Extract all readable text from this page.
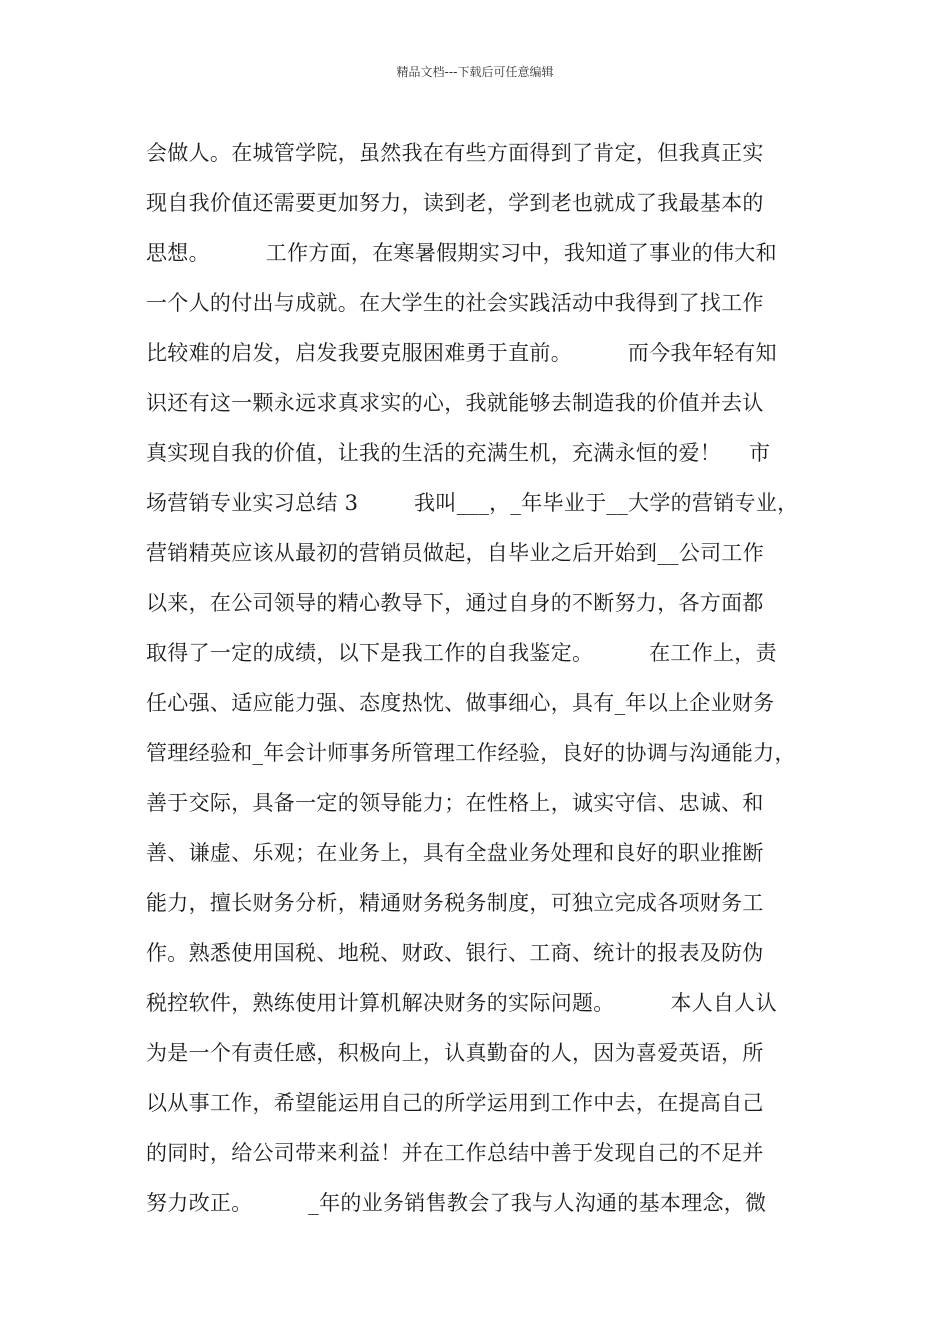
精品文档---下载后可任意编辑
会做人。在城管学院，虽然我在有些方面得到了肯定，但我真正实
现自我价值还需要更加努力，读到老，学到老也就成了我最基本的
思想。        工作方面，在寒暑假期实习中，我知道了事业的伟大和
一个人的付出与成就。在大学生的社会实践活动中我得到了找工作
比较难的启发，启发我要克服困难勇于直前。        而今我年轻有知
识还有这一颗永远求真求实的心，我就能够去制造我的价值并去认
真实现自我的价值，让我的生活的充满生机，充满永恒的爱！    市
场营销专业实习总结 3        我叫___，_年毕业于__大学的营销专业，
营销精英应该从最初的营销员做起，自毕业之后开始到__公司工作
以来，在公司领导的精心教导下，通过自身的不断努力，各方面都
取得了一定的成绩，以下是我工作的自我鉴定。        在工作上，责
任心强、适应能力强、态度热忱、做事细心，具有_年以上企业财务
管理经验和_年会计师事务所管理工作经验，良好的协调与沟通能力，
善于交际，具备一定的领导能力；在性格上，诚实守信、忠诚、和
善、谦虚、乐观；在业务上，具有全盘业务处理和良好的职业推断
能力，擅长财务分析，精通财务税务制度，可独立完成各项财务工
作。熟悉使用国税、地税、财政、银行、工商、统计的报表及防伪
税控软件，熟练使用计算机解决财务的实际问题。        本人自人认
为是一个有责任感，积极向上，认真勤奋的人，因为喜爱英语，所
以从事工作，希望能运用自己的所学运用到工作中去，在提高自己
的同时，给公司带来利益！并在工作总结中善于发现自己的不足并
努力改正。        _年的业务销售教会了我与人沟通的基本理念，微
